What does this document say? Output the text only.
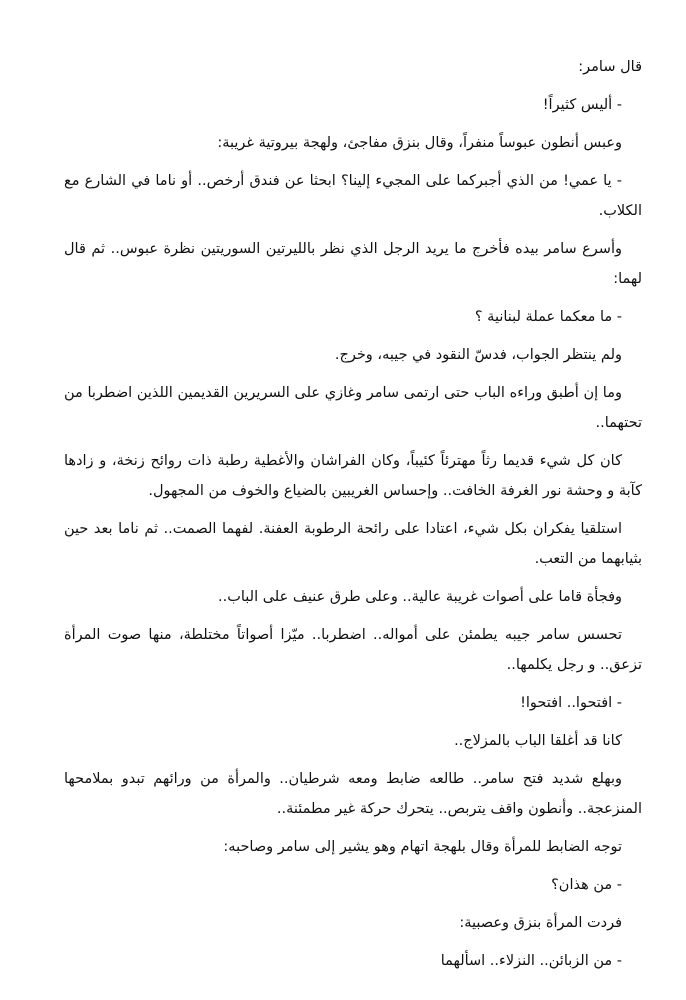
قال سامر:

- أليس كثيراً!

وعبس أنطون عبوساً منفراً، وقال بنزق مفاجئ، ولهجة بيروتية غريبة:

- يا عمي! من الذي أجبركما على المجيء إلينا؟ ابحثا عن فندق أرخص.. أو ناما في الشارع مع الكلاب.

وأسرع سامر بيده فأخرج ما يريد الرجل الذي نظر بالليرتين السوريتين نظرة عبوس.. ثم قال لهما:

- ما معكما عملة لبنانية ؟

ولم ينتظر الجواب، فدسّ النقود في جيبه، وخرج.

وما إن أطبق وراءه الباب حتى ارتمى سامر وغازي على السريرين القديمين اللذين اضطربا من تحتهما..

كان كل شيء قديما رثاً مهترئاً كئيباً، وكان الفراشان والأغطية رطبة ذات روائح زنخة، و زادها كآبة و وحشة نور الغرفة الخافت.. وإحساس الغريبين بالضياع والخوف من المجهول.

استلقيا يفكران بكل شيء، اعتادا على رائحة الرطوبة العفنة. لفهما الصمت.. ثم ناما بعد حين بثيابهما من التعب.

وفجأة قاما على أصوات غريبة عالية.. وعلى طرق عنيف على الباب..

تحسس سامر جيبه يطمئن على أمواله.. اضطربا.. ميّزا أصواتاً مختلطة، منها صوت المرأة تزعق.. و رجل يكلمها..

- افتحوا.. افتحوا!

كانا قد أغلقا الباب بالمزلاج..

وبهلع شديد فتح سامر.. طالعه ضابط ومعه شرطيان.. والمرأة من ورائهم تبدو بملامحها المنزعجة.. وأنطون واقف يتربص.. يتحرك حركة غير مطمئنة..

توجه الضابط للمرأة وقال بلهجة اتهام وهو يشير إلى سامر وصاحبه:

- من هذان؟

فردت المرأة بنزق وعصبية:

- من الزبائن.. النزلاء.. اسألهما
